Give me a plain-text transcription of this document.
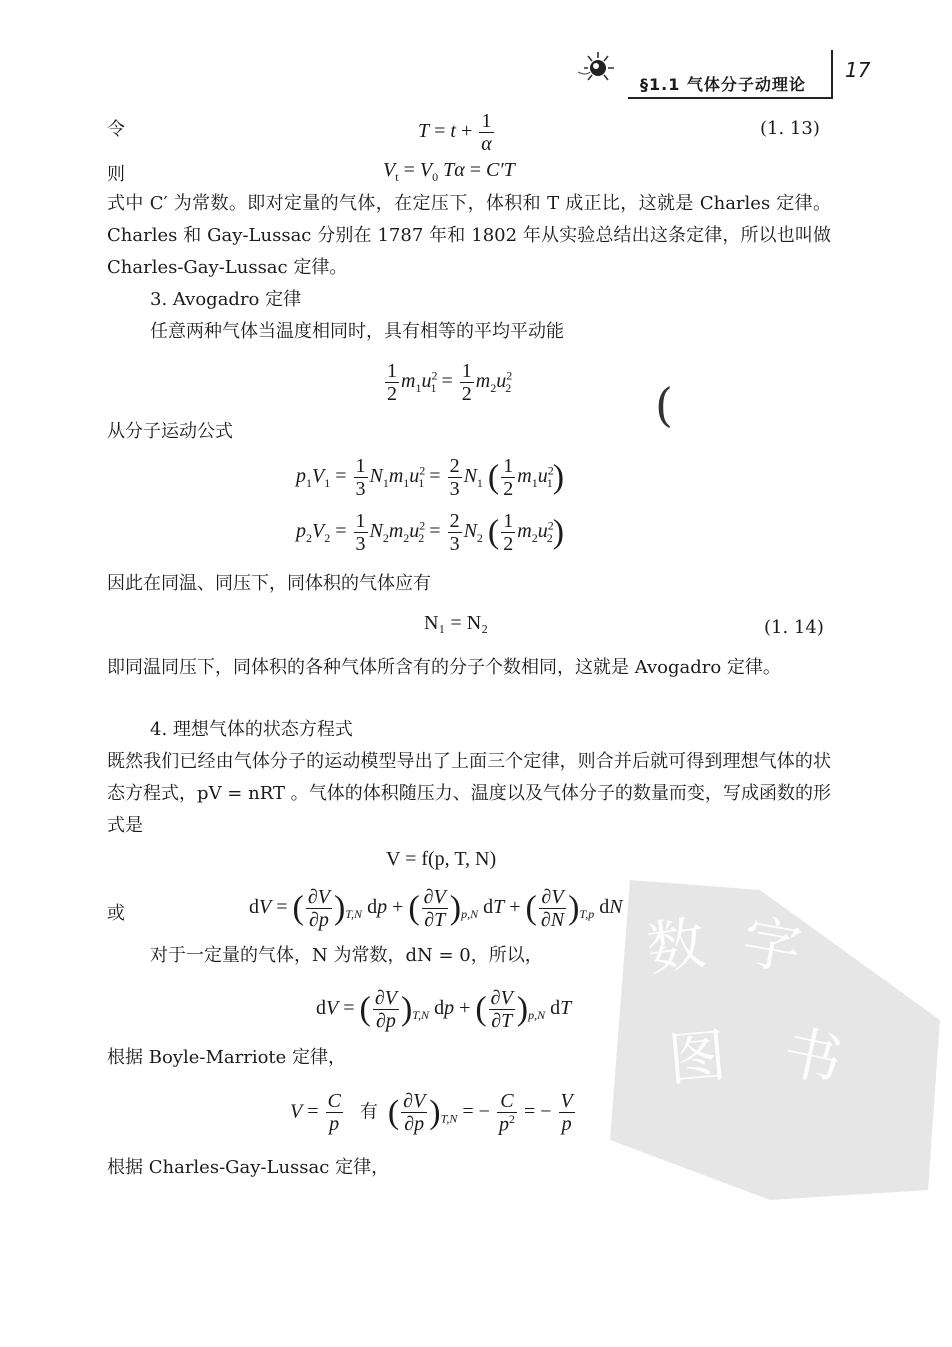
§1.1 气体分子动理论
17
令	$T = t + \frac{1}{\alpha}$	(1. 13)
则	$V_t = V_0$ Tα = C′T
式中 C′ 为常数。即对定量的气体，在定压下，体积和 T 成正比，这就是 Charles 定律。Charles 和 Gay-Lussac 分别在 1787 年和 1802 年从实验总结出这条定律，所以也叫做 Charles-Gay-Lussac 定律。
3. Avogadro 定律
任意两种气体当温度相同时，具有相等的平均平动能
$\frac{1}{2} m_1u^2_1 = \frac{1}{2} m_2u^2_2$	(
从分子运动公式
$p_1V_1 = \frac{1}{3} N_1m_1u^2_1 = \frac{2}{3} N_1$ ( $\frac{1}{2} m_1u^2_1$)
$p_2V_2 = \frac{1}{3} N_2m_2u^2_2 = \frac{2}{3} N_2$ ( $\frac{1}{2} m_2u^2_2$)
因此在同温、同压下，同体积的气体应有
N₁ = N₂	(1. 14)
即同温同压下，同体积的各种气体所含有的分子个数相同，这就是 Avogadro 定律。
4. 理想气体的状态方程式
既然我们已经由气体分子的运动模型导出了上面三个定律，则合并后就可得到理想气体的状态方程式，pV = nRT 。气体的体积随压力、温度以及气体分子的数量而变，写成函数的形式是
V = f(p, T, N)
或	dV = ( $\frac{\partial V}{\partial p} )_{T,N}$ dp + ( $\frac{\partial V}{\partial T} )_{p,N}$ dT + ( $\frac{\partial V}{\partial N} )_{T,p}$ dN
对于一定量的气体，N 为常数，dN = 0，所以，
dV = ( $\frac{\partial V}{\partial p} )_{T,N}$ dp + ( $\frac{\partial V}{\partial T} )_{p,N}$ dT
根据 Boyle-Marriote 定律，
$V = \frac{C}{p}$ 有 ( $\frac{\partial V}{\partial p} )_{T,N}$ = − $\frac{C}{p^2}$ = − $\frac{V}{p}$
根据 Charles-Gay-Lussac 定律，
数 字
图 书
